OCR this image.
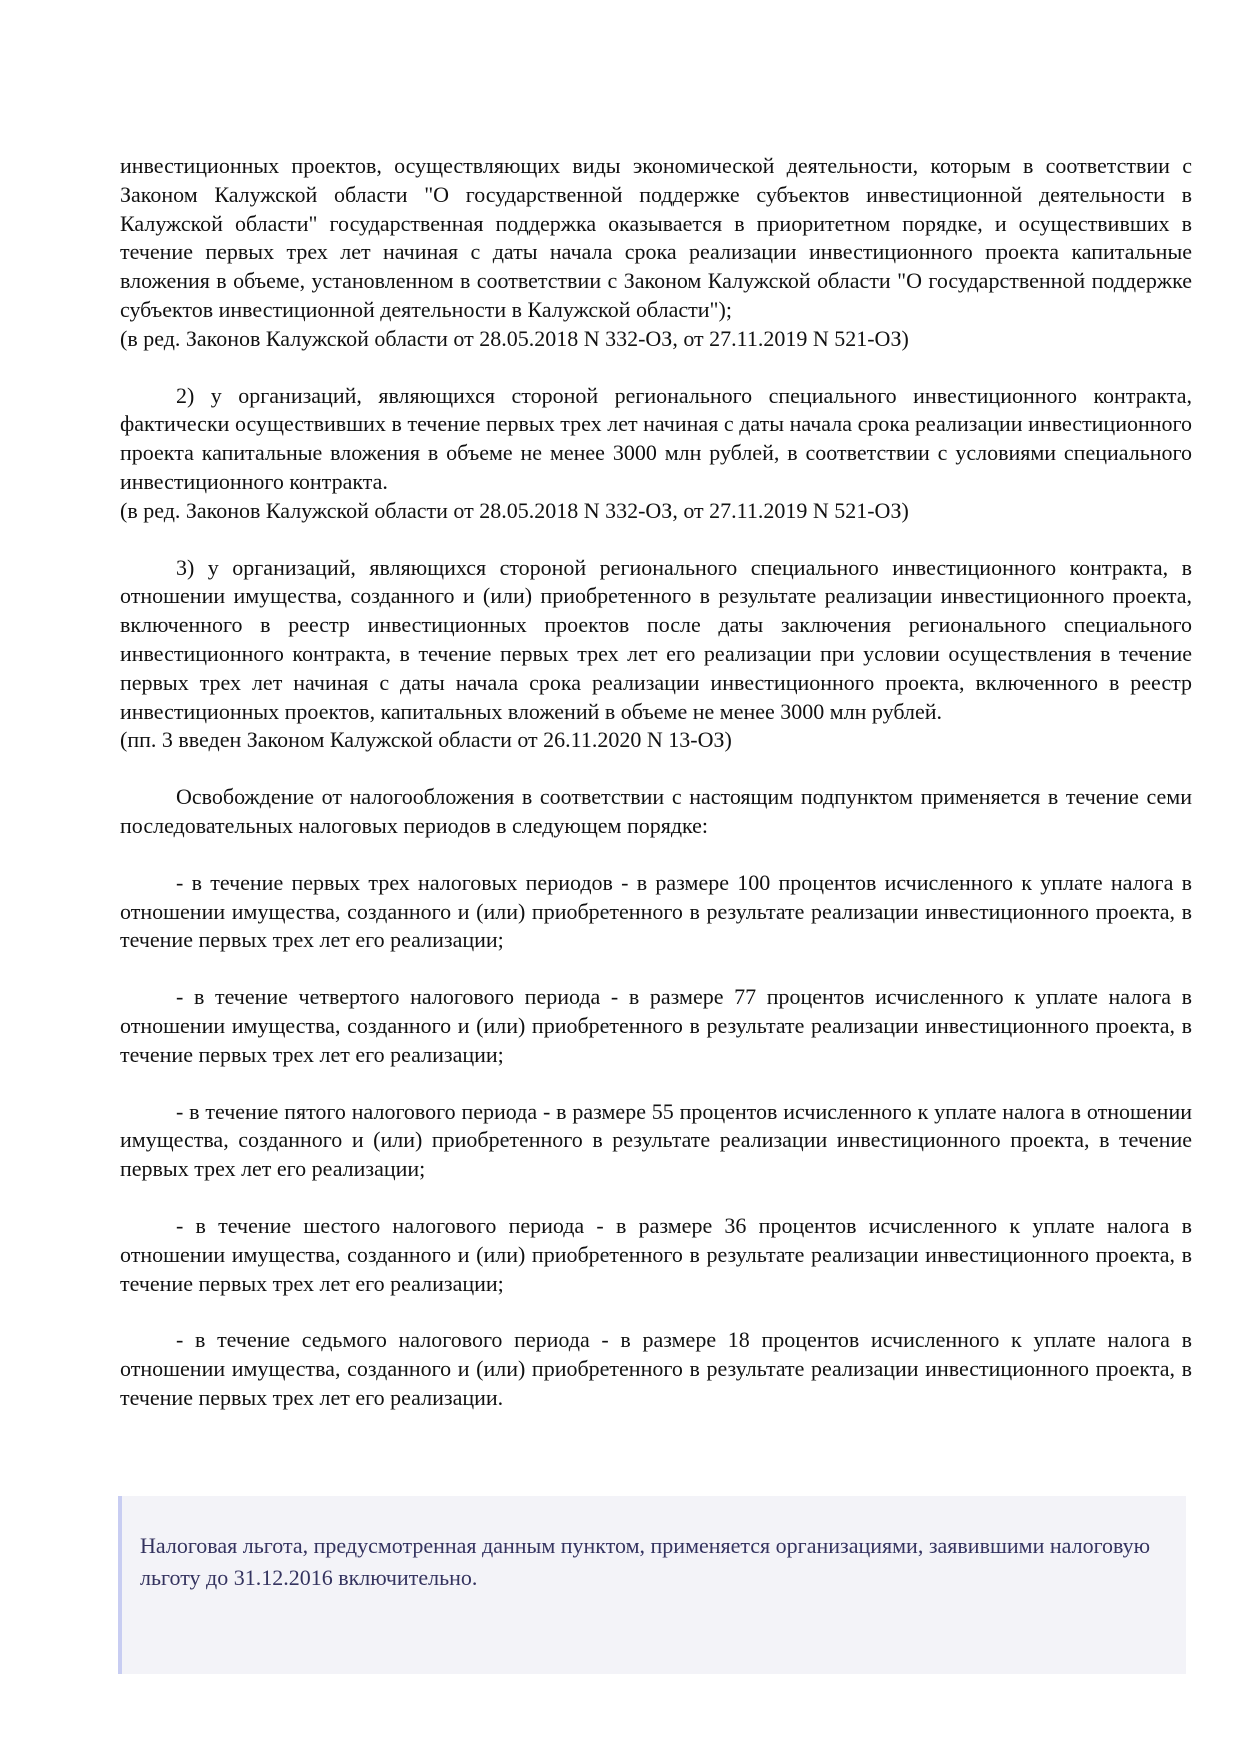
инвестиционных проектов, осуществляющих виды экономической деятельности, которым в соответствии с Законом Калужской области "О государственной поддержке субъектов инвестиционной деятельности в Калужской области" государственная поддержка оказывается в приоритетном порядке, и осуществивших в течение первых трех лет начиная с даты начала срока реализации инвестиционного проекта капитальные вложения в объеме, установленном в соответствии с Законом Калужской области "О государственной поддержке субъектов инвестиционной деятельности в Калужской области");

(в ред. Законов Калужской области от 28.05.2018 N 332-ОЗ, от 27.11.2019 N 521-ОЗ)

2) у организаций, являющихся стороной регионального специального инвестиционного контракта, фактически осуществивших в течение первых трех лет начиная с даты начала срока реализации инвестиционного проекта капитальные вложения в объеме не менее 3000 млн рублей, в соответствии с условиями специального инвестиционного контракта.

(в ред. Законов Калужской области от 28.05.2018 N 332-ОЗ, от 27.11.2019 N 521-ОЗ)

3) у организаций, являющихся стороной регионального специального инвестиционного контракта, в отношении имущества, созданного и (или) приобретенного в результате реализации инвестиционного проекта, включенного в реестр инвестиционных проектов после даты заключения регионального специального инвестиционного контракта, в течение первых трех лет его реализации при условии осуществления в течение первых трех лет начиная с даты начала срока реализации инвестиционного проекта, включенного в реестр инвестиционных проектов, капитальных вложений в объеме не менее 3000 млн рублей.

(пп. 3 введен Законом Калужской области от 26.11.2020 N 13-ОЗ)

Освобождение от налогообложения в соответствии с настоящим подпунктом применяется в течение семи последовательных налоговых периодов в следующем порядке:

- в течение первых трех налоговых периодов - в размере 100 процентов исчисленного к уплате налога в отношении имущества, созданного и (или) приобретенного в результате реализации инвестиционного проекта, в течение первых трех лет его реализации;

- в течение четвертого налогового периода - в размере 77 процентов исчисленного к уплате налога в отношении имущества, созданного и (или) приобретенного в результате реализации инвестиционного проекта, в течение первых трех лет его реализации;

- в течение пятого налогового периода - в размере 55 процентов исчисленного к уплате налога в отношении имущества, созданного и (или) приобретенного в результате реализации инвестиционного проекта, в течение первых трех лет его реализации;

- в течение шестого налогового периода - в размере 36 процентов исчисленного к уплате налога в отношении имущества, созданного и (или) приобретенного в результате реализации инвестиционного проекта, в течение первых трех лет его реализации;

- в течение седьмого налогового периода - в размере 18 процентов исчисленного к уплате налога в отношении имущества, созданного и (или) приобретенного в результате реализации инвестиционного проекта, в течение первых трех лет его реализации.

Налоговая льгота, предусмотренная данным пунктом, применяется организациями, заявившими налоговую льготу до 31.12.2016 включительно.
